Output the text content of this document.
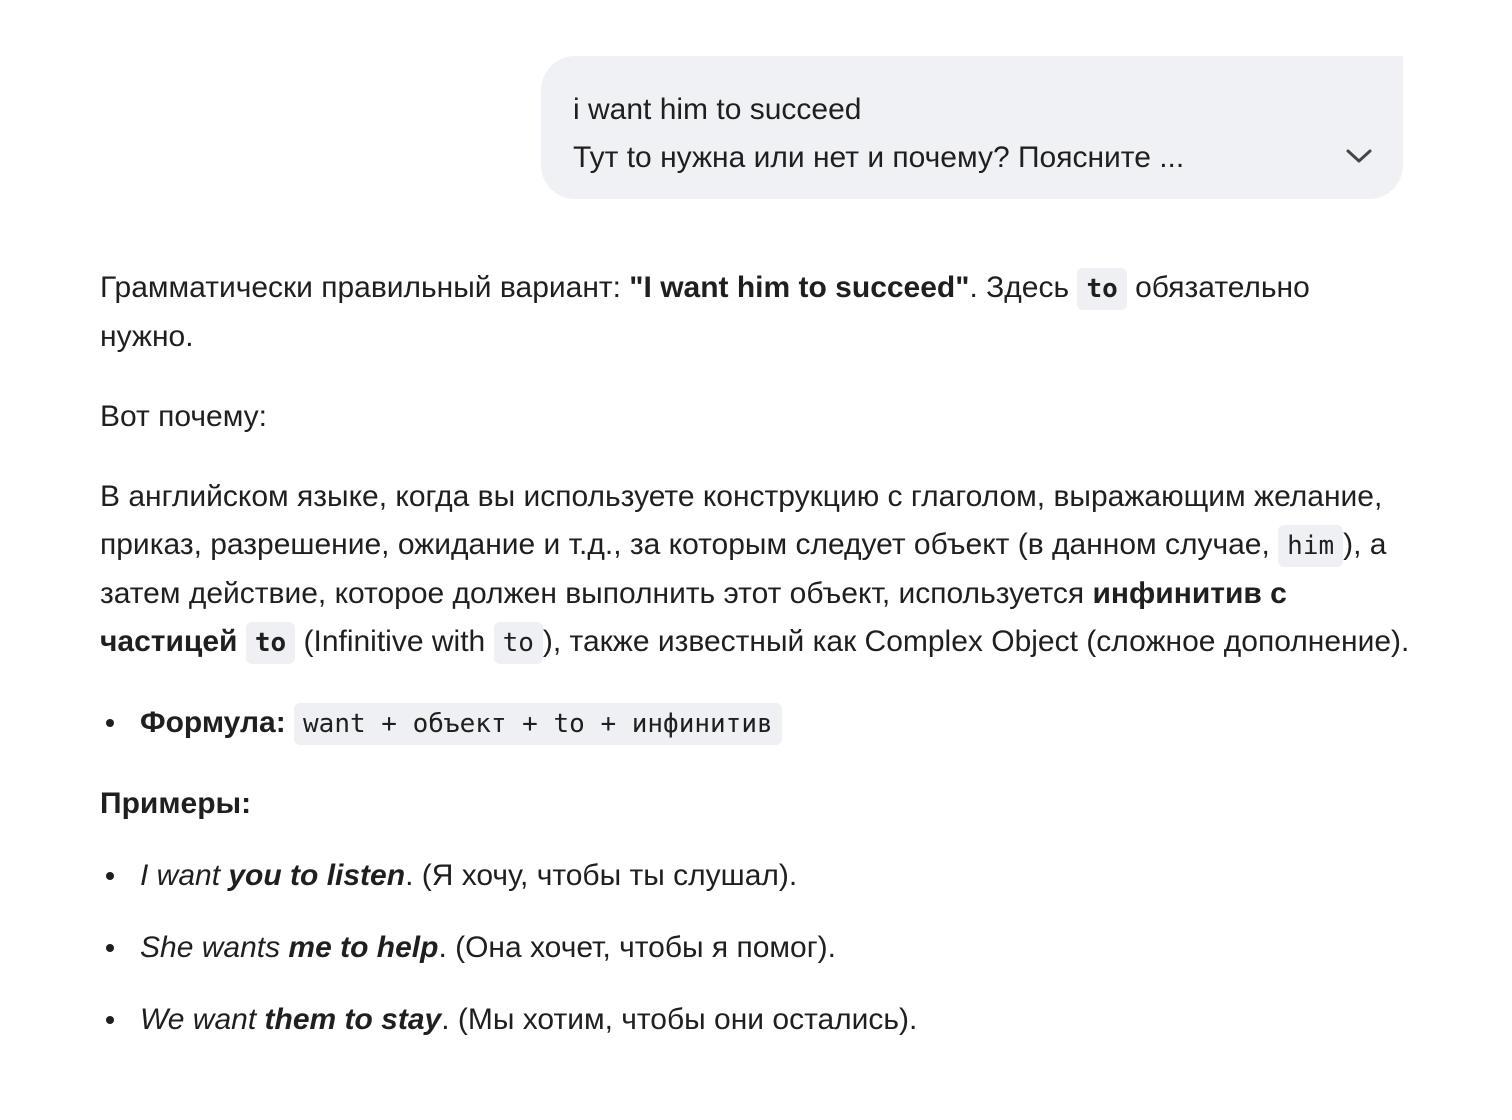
i want him to succeed
Тут to нужна или нет и почему? Поясните ...

Грамматически правильный вариант: "I want him to succeed". Здесь to обязательно нужно.

Вот почему:

В английском языке, когда вы используете конструкцию с глаголом, выражающим желание, приказ, разрешение, ожидание и т.д., за которым следует объект (в данном случае, him ), а затем действие, которое должен выполнить этот объект, используется инфинитив с частицей to (Infinitive with to ), также известный как Complex Object (сложное дополнение).

Формула: want + объект + to + инфинитив

Примеры:

I want you to listen. (Я хочу, чтобы ты слушал).
She wants me to help. (Она хочет, чтобы я помог).
We want them to stay. (Мы хотим, чтобы они остались).
